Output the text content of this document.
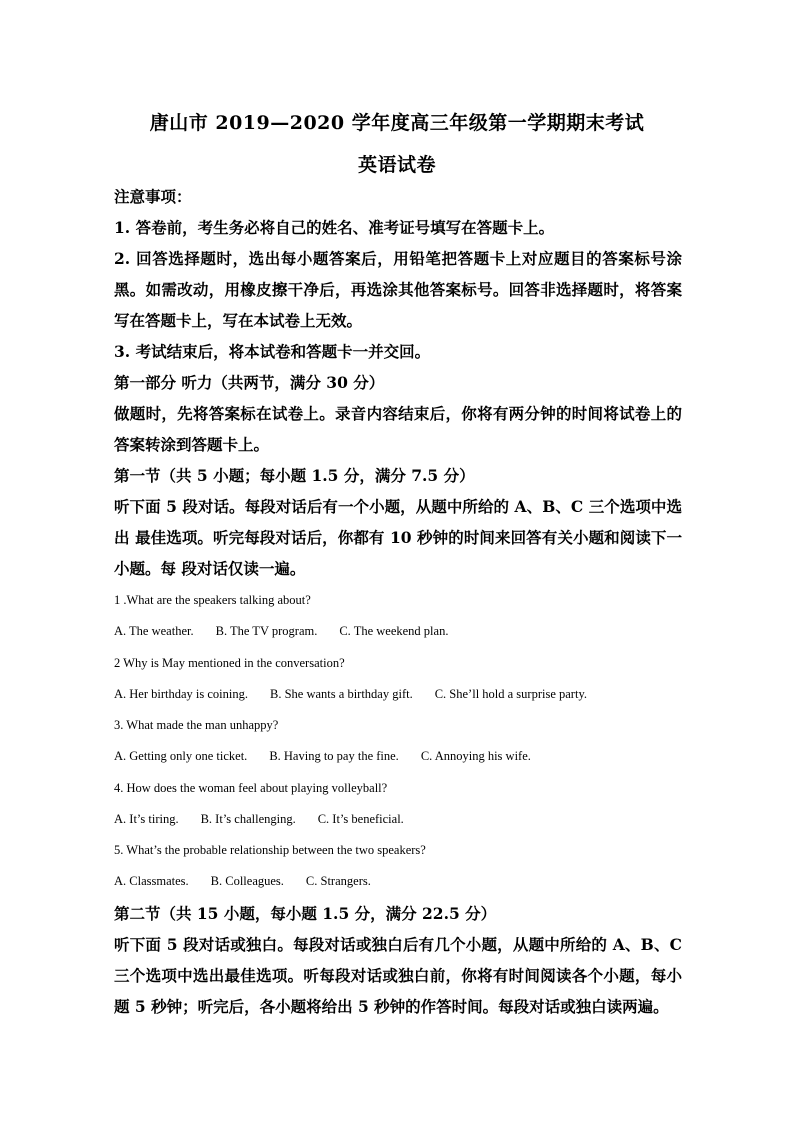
唐山市 2019—2020 学年度高三年级第一学期期末考试
英语试卷
注意事项：
1. 答卷前，考生务必将自己的姓名、准考证号填写在答题卡上。
2. 回答选择题时，选出每小题答案后，用铅笔把答题卡上对应题目的答案标号涂黑。如需改动，用橡皮擦干净后，再选涂其他答案标号。回答非选择题时，将答案写在答题卡上，写在本试卷上无效。
3. 考试结束后，将本试卷和答题卡一并交回。
第一部分 听力（共两节，满分 30 分）
做题时，先将答案标在试卷上。录音内容结束后，你将有两分钟的时间将试卷上的答案转涂到答题卡上。
第一节（共 5 小题；每小题 1.5 分，满分 7.5 分）
听下面 5 段对话。每段对话后有一个小题，从题中所给的 A、B、C 三个选项中选出 最佳选项。听完每段对话后，你都有 10 秒钟的时间来回答有关小题和阅读下一小题。每 段对话仅读一遍。
1 .What are the speakers talking about?
A. The weather. B. The TV program. C. The weekend plan.
2 Why is May mentioned in the conversation?
A. Her birthday is coining. B. She wants a birthday gift. C. She’ll hold a surprise party.
3. What made the man unhappy?
A. Getting only one ticket. B. Having to pay the fine. C. Annoying his wife.
4. How does the woman feel about playing volleyball?
A. It’s tiring. B. It’s challenging. C. It’s beneficial.
5. What’s the probable relationship between the two speakers?
A. Classmates. B. Colleagues. C. Strangers.
第二节（共 15 小题，每小题 1.5 分，满分 22.5 分）
听下面 5 段对话或独白。每段对话或独白后有几个小题，从题中所给的 A、B、C 三个选项中选出最佳选项。听每段对话或独白前，你将有时间阅读各个小题，每小题 5 秒钟；听完后，各小题将给出 5 秒钟的作答时间。每段对话或独白读两遍。
